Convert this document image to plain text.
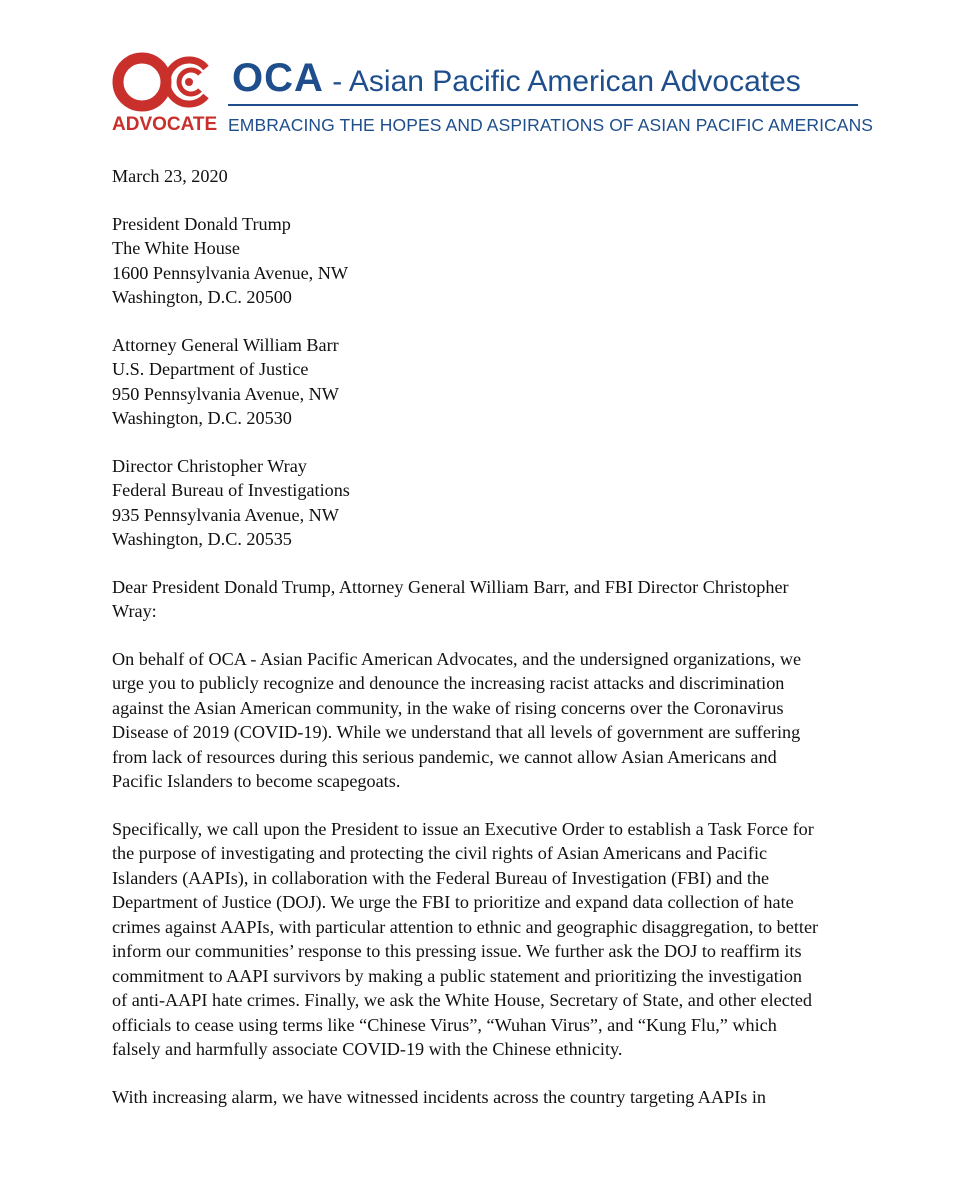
OCA - Asian Pacific American Advocates
ADVOCATE EMBRACING THE HOPES AND ASPIRATIONS OF ASIAN PACIFIC AMERICANS
March 23, 2020
President Donald Trump
The White House
1600 Pennsylvania Avenue, NW
Washington, D.C. 20500
Attorney General William Barr
U.S. Department of Justice
950 Pennsylvania Avenue, NW
Washington, D.C. 20530
Director Christopher Wray
Federal Bureau of Investigations
935 Pennsylvania Avenue, NW
Washington, D.C. 20535
Dear President Donald Trump, Attorney General William Barr, and FBI Director Christopher
Wray:
On behalf of OCA - Asian Pacific American Advocates, and the undersigned organizations, we
urge you to publicly recognize and denounce the increasing racist attacks and discrimination
against the Asian American community, in the wake of rising concerns over the Coronavirus
Disease of 2019 (COVID-19). While we understand that all levels of government are suffering
from lack of resources during this serious pandemic, we cannot allow Asian Americans and
Pacific Islanders to become scapegoats.
Specifically, we call upon the President to issue an Executive Order to establish a Task Force for
the purpose of investigating and protecting the civil rights of Asian Americans and Pacific
Islanders (AAPIs), in collaboration with the Federal Bureau of Investigation (FBI) and the
Department of Justice (DOJ). We urge the FBI to prioritize and expand data collection of hate
crimes against AAPIs, with particular attention to ethnic and geographic disaggregation, to better
inform our communities’ response to this pressing issue. We further ask the DOJ to reaffirm its
commitment to AAPI survivors by making a public statement and prioritizing the investigation
of anti-AAPI hate crimes. Finally, we ask the White House, Secretary of State, and other elected
officials to cease using terms like “Chinese Virus”, “Wuhan Virus”, and “Kung Flu,” which
falsely and harmfully associate COVID-19 with the Chinese ethnicity.
With increasing alarm, we have witnessed incidents across the country targeting AAPIs in
